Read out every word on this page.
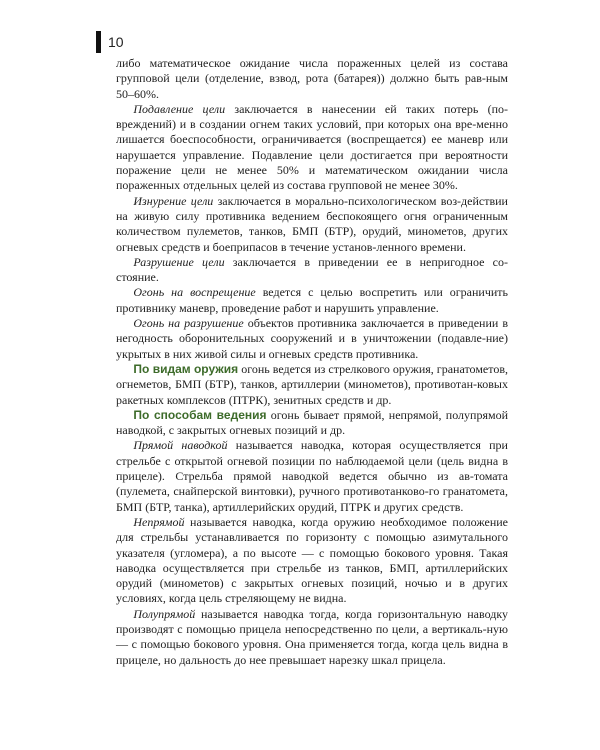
10

либо математическое ожидание числа пораженных целей из состава групповой цели (отделение, взвод, рота (батарея)) должно быть рав-ным 50–60%.

Подавление цели заключается в нанесении ей таких потерь (по-вреждений) и в создании огнем таких условий, при которых она вре-менно лишается боеспособности, ограничивается (воспрещается) ее маневр или нарушается управление. Подавление цели достигается при вероятности поражение цели не менее 50% и математическом ожидании числа пораженных отдельных целей из состава групповой не менее 30%.

Изнурение цели заключается в морально-психологическом воз-действии на живую силу противника ведением беспокоящего огня ограниченным количеством пулеметов, танков, БМП (БТР), орудий, минометов, других огневых средств и боеприпасов в течение установ-ленного времени.

Разрушение цели заключается в приведении ее в непригодное со-стояние.

Огонь на воспрещение ведется с целью воспретить или ограничить противнику маневр, проведение работ и нарушить управление.

Огонь на разрушение объектов противника заключается в приведении в негодность оборонительных сооружений и в уничтожении (подавле-ние) укрытых в них живой силы и огневых средств противника.

По видам оружия огонь ведется из стрелкового оружия, гранатометов, огнеметов, БМП (БТР), танков, артиллерии (минометов), противотан-ковых ракетных комплексов (ПТРК), зенитных средств и др.

По способам ведения огонь бывает прямой, непрямой, полупрямой наводкой, с закрытых огневых позиций и др.

Прямой наводкой называется наводка, которая осуществляется при стрельбе с открытой огневой позиции по наблюдаемой цели (цель видна в прицеле). Стрельба прямой наводкой ведется обычно из ав-томата (пулемета, снайперской винтовки), ручного противотанково-го гранатомета, БМП (БТР, танка), артиллерийских орудий, ПТРК и других средств.

Непрямой называется наводка, когда оружию необходимое положение для стрельбы устанавливается по горизонту с помощью азимутального указателя (угломера), а по высоте — с помощью бокового уровня. Такая наводка осуществляется при стрельбе из танков, БМП, артиллерийских орудий (минометов) с закрытых огневых позиций, ночью и в других условиях, когда цель стреляющему не видна.

Полупрямой называется наводка тогда, когда горизонтальную наводку производят с помощью прицела непосредственно по цели, а вертикаль-ную — с помощью бокового уровня. Она применяется тогда, когда цель видна в прицеле, но дальность до нее превышает нарезку шкал прицела.
